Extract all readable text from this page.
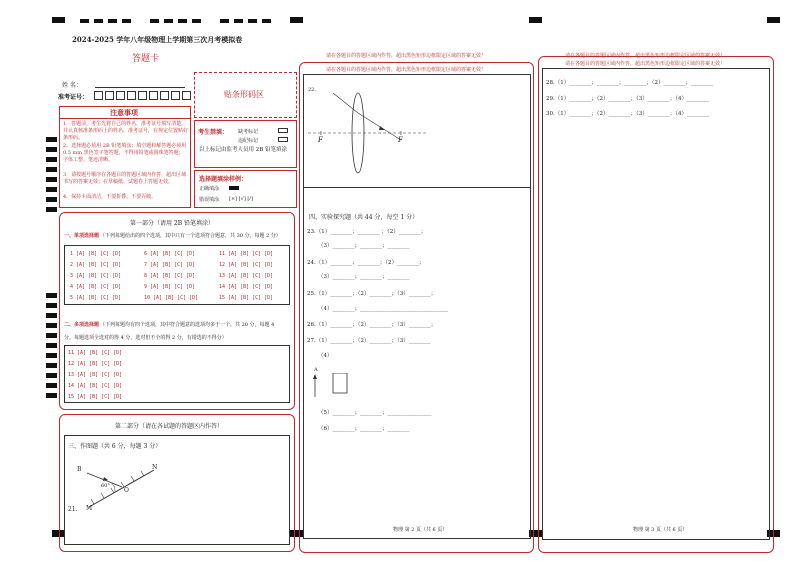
2024-2025 学年八年级物理上学期第三次月考模拟卷
答题卡
姓 名：
准考证号：	贴条形码区
注意事项
1．答题前，考生先将自己的姓名，准考证号填写清楚，并认真核准条形码上的姓名、准考证号，在规定位置贴好条形码。
2．选择题必须用 2B 铅笔填涂；填空题和解答题必须用 0.5 mm 黑色签字笔答题，不得用铅笔或圆珠笔答题；字体工整、笔迹清晰。
3．请按题号顺序在各题目的答题区域内作答，超出区域书写的答案无效；在草稿纸、试题卷上答题无效。
4．保持卡面清洁，不要折叠、不要弄破。
考生禁填： 缺考标记
违纪标记
以上标记由监考人员用 2B 铅笔填涂
选择题填涂样例：
正确填涂
错误填涂 [×] [√] [/]
第一部分（请用 2B 铅笔填涂）
一、单项选择题 （下列每题给出的四个选项，其中只有一个选项符合题意，共 30 分，每题 2 分）
1 [A] [B] [C] [D]	6 [A] [B] [C] [D]	11 [A] [B] [C] [D]
2 [A] [B] [C] [D]	7 [A] [B] [C] [D]	12 [A] [B] [C] [D]
3 [A] [B] [C] [D]	8 [A] [B] [C] [D]	13 [A] [B] [C] [D]
4 [A] [B] [C] [D]	9 [A] [B] [C] [D]	14 [A] [B] [C] [D]
5 [A] [B] [C] [D]	10 [A] [B] [C] [D]	15 [A] [B] [C] [D]
二、多项选择题 （下列每题均有四个选项，其中符合题意的选项均多于一个。共 20 分，每题 4
分。每题选项全选对的得 4 分，选对但不全的得 2 分，有错选的不得分）
11 [A] [B] [C] [D]
12 [A] [B] [C] [D]
13 [A] [B] [C] [D]
14 [A] [B] [C] [D]
15 [A] [B] [C] [D]
第二部分（请在各试题的答题区内作答）
三、作图题（共 6 分，每题 3 分）
B	N
60°
O
M
21.
请在各题目的答题区域内作答，超出黑色矩形边框限定区域的答案无效！
请在各题目的答题区域内作答，超出黑色矩形边框限定区域的答案无效！
22.
F	F
四、实验探究题（共 44 分，每空 1 分）
23.（1）________；________ ；（2）________；
（3）________；________；________
24.（1）________；________；（2）________；
（3）________；________；________
25.（1）________；（2）________；（3）________；
（4）________；________________________________
26.（1）________；（2）________；（3）________；
27.（1）________；（2）________；（3）________
（4）
A
（5）________；________；________________
（6）________；________；________
物理 第 2 页（共 6 页）
请在各题目的答题区域内作答，超出黑色矩形边框限定区域的答案无效！
请在各题目的答题区域内作答，超出黑色矩形边框限定区域的答案无效！
28.（1）________；________；________；（2）________；________
29.（1）________；（2）________；（3）________；（4）________
30.（1）________；（2）________；（3）________；（4）________
物理 第 3 页（共 6 页）
